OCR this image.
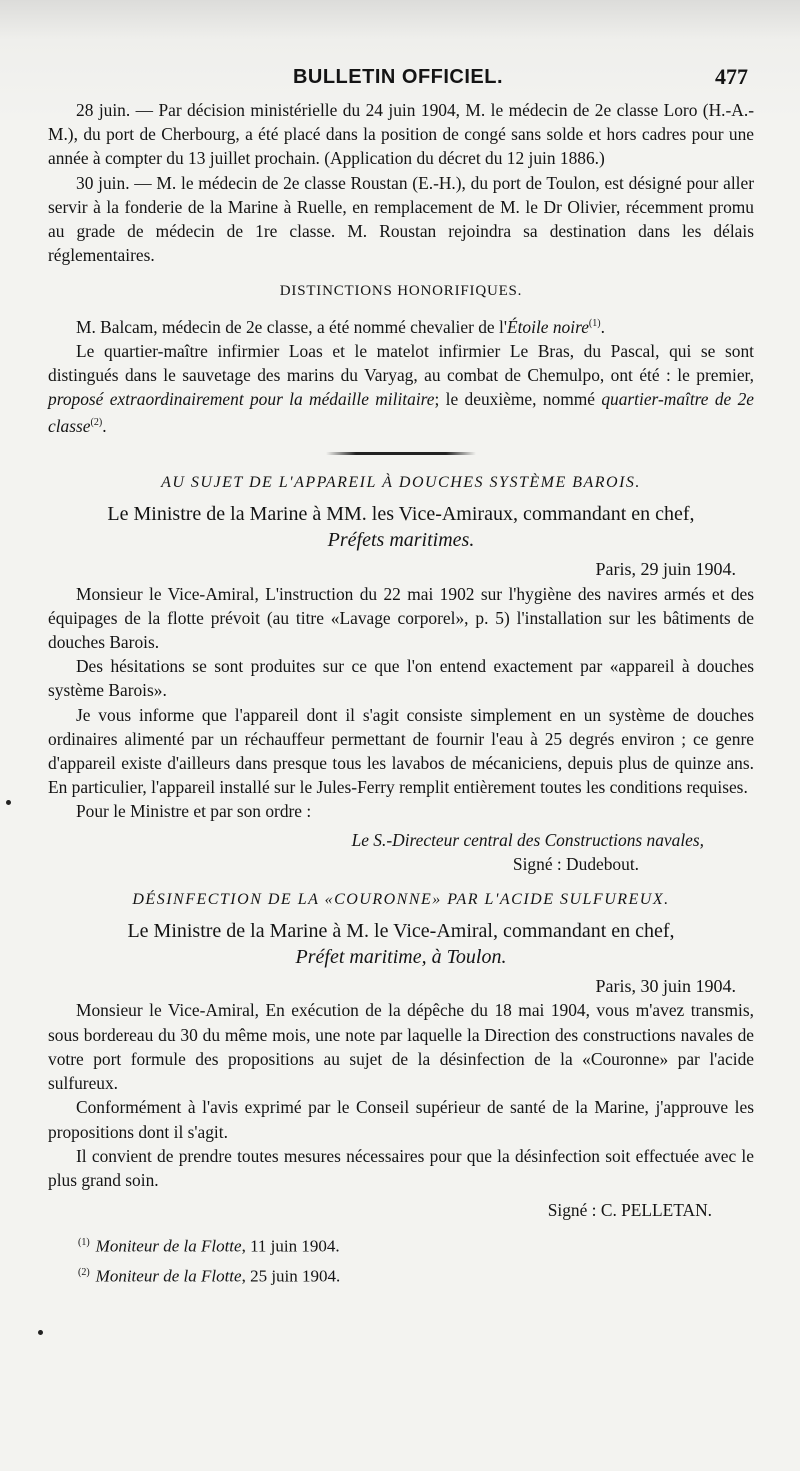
BULLETIN OFFICIEL.	477

28 juin. — Par décision ministérielle du 24 juin 1904, M. le médecin de 2e classe Loro (H.-A.-M.), du port de Cherbourg, a été placé dans la position de congé sans solde et hors cadres pour une année à compter du 13 juillet prochain. (Application du décret du 12 juin 1886.)

30 juin. — M. le médecin de 2e classe Roustan (E.-H.), du port de Toulon, est désigné pour aller servir à la fonderie de la Marine à Ruelle, en remplacement de M. le Dr Olivier, récemment promu au grade de médecin de 1re classe. M. Roustan rejoindra sa destination dans les délais réglementaires.

DISTINCTIONS HONORIFIQUES.

M. Balcam, médecin de 2e classe, a été nommé chevalier de l'Étoile noire$^{(1)}$.

Le quartier-maître infirmier Loas et le matelot infirmier Le Bras, du Pascal, qui se sont distingués dans le sauvetage des marins du Varyag, au combat de Chemulpo, ont été : le premier, proposé extraordinairement pour la médaille militaire; le deuxième, nommé quartier-maître de 2e classe$^{(2)}$.

AU SUJET DE L'APPAREIL À DOUCHES SYSTÈME BAROIS.
Le Ministre de la Marine à MM. les Vice-Amiraux, commandant en chef,
Préfets maritimes.
Paris, 29 juin 1904.

Monsieur le Vice-Amiral, L'instruction du 22 mai 1902 sur l'hygiène des navires armés et des équipages de la flotte prévoit (au titre «Lavage corporel», p. 5) l'installation sur les bâtiments de douches Barois.

Des hésitations se sont produites sur ce que l'on entend exactement par «appareil à douches système Barois».

Je vous informe que l'appareil dont il s'agit consiste simplement en un système de douches ordinaires alimenté par un réchauffeur permettant de fournir l'eau à 25 degrés environ ; ce genre d'appareil existe d'ailleurs dans presque tous les lavabos de mécaniciens, depuis plus de quinze ans. En particulier, l'appareil installé sur le Jules-Ferry remplit entièrement toutes les conditions requises.

Pour le Ministre et par son ordre :

Le S.-Directeur central des Constructions navales,
Signé : Dudebout.
DÉSINFECTION DE LA «COURONNE» PAR L'ACIDE SULFUREUX.
Le Ministre de la Marine à M. le Vice-Amiral, commandant en chef,
Préfet maritime, à Toulon.
Paris, 30 juin 1904.

Monsieur le Vice-Amiral, En exécution de la dépêche du 18 mai 1904, vous m'avez transmis, sous bordereau du 30 du même mois, une note par laquelle la Direction des constructions navales de votre port formule des propositions au sujet de la désinfection de la «Couronne» par l'acide sulfureux.

Conformément à l'avis exprimé par le Conseil supérieur de santé de la Marine, j'approuve les propositions dont il s'agit.

Il convient de prendre toutes mesures nécessaires pour que la désinfection soit effectuée avec le plus grand soin.

Signé : C. PELLETAN.
$^{(1)}$ Moniteur de la Flotte, 11 juin 1904.
$^{(2)}$ Moniteur de la Flotte, 25 juin 1904.
